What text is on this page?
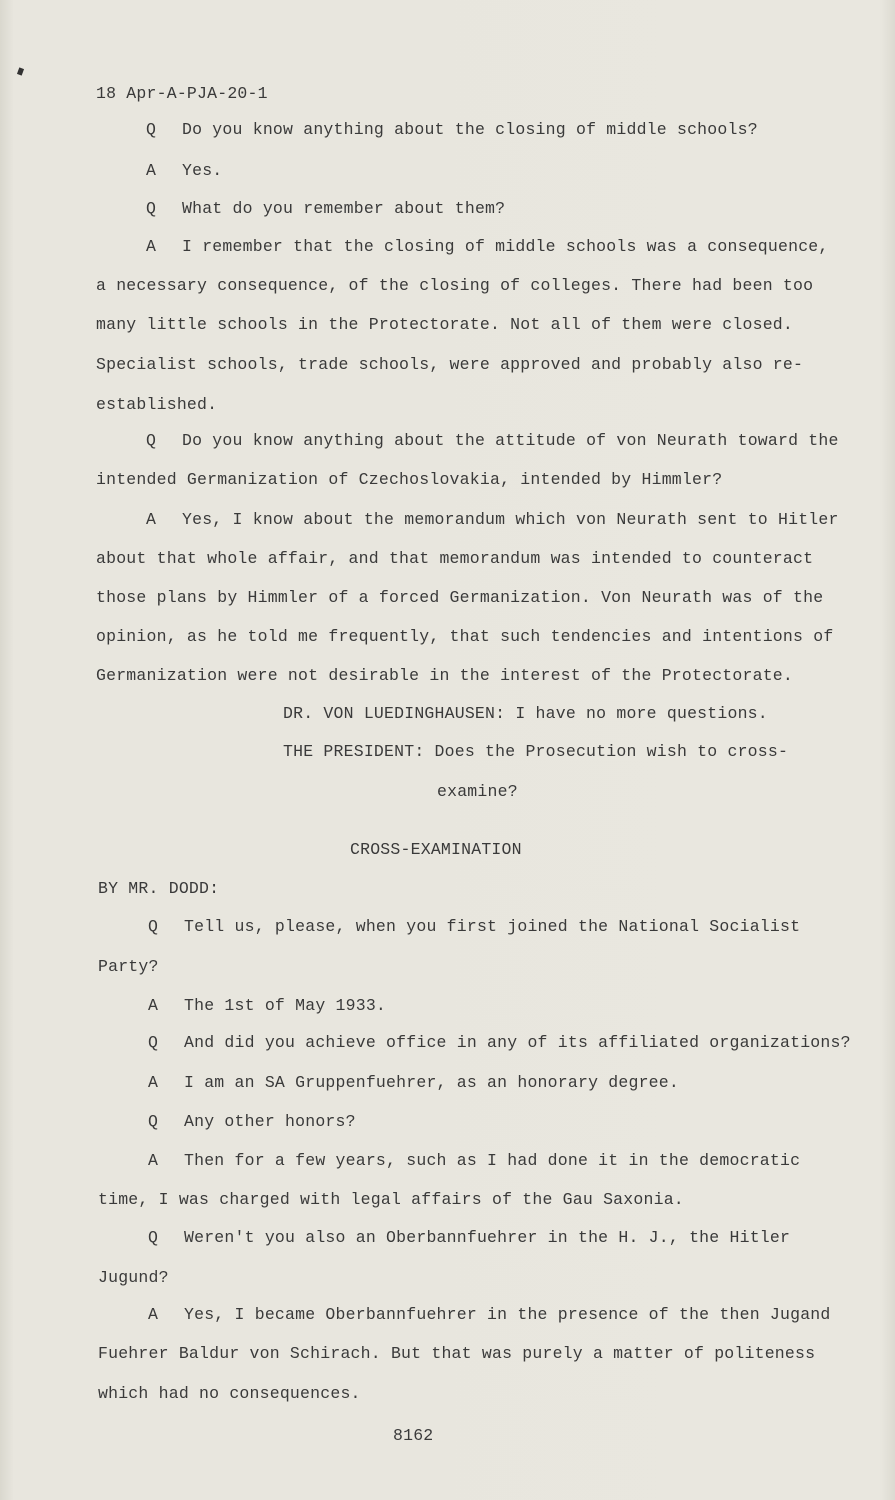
18 Apr-A-PJA-20-1
Q Do you know anything about the closing of middle schools?
A Yes.
Q What do you remember about them?
A I remember that the closing of middle schools was a consequence,
a necessary consequence, of the closing of colleges. There had been too
many little schools in the Protectorate. Not all of them were closed.
Specialist schools, trade schools, were approved and probably also re-
established.
Q Do you know anything about the attitude of von Neurath toward the
intended Germanization of Czechoslovakia, intended by Himmler?
A Yes, I know about the memorandum which von Neurath sent to Hitler
about that whole affair, and that memorandum was intended to counteract
those plans by Himmler of a forced Germanization. Von Neurath was of the
opinion, as he told me frequently, that such tendencies and intentions of
Germanization were not desirable in the interest of the Protectorate.
DR. VON LUEDINGHAUSEN: I have no more questions.
THE PRESIDENT: Does the Prosecution wish to cross-
examine?
CROSS-EXAMINATION
BY MR. DODD:
Q Tell us, please, when you first joined the National Socialist
Party?
A The 1st of May 1933.
Q And did you achieve office in any of its affiliated organizations?
A I am an SA Gruppenfuehrer, as an honorary degree.
Q Any other honors?
A Then for a few years, such as I had done it in the democratic
time, I was charged with legal affairs of the Gau Saxonia.
Q Weren't you also an Oberbannfuehrer in the H. J., the Hitler
Jugund?
A Yes, I became Oberbannfuehrer in the presence of the then Jugand
Fuehrer Baldur von Schirach. But that was purely a matter of politeness
which had no consequences.
8162
